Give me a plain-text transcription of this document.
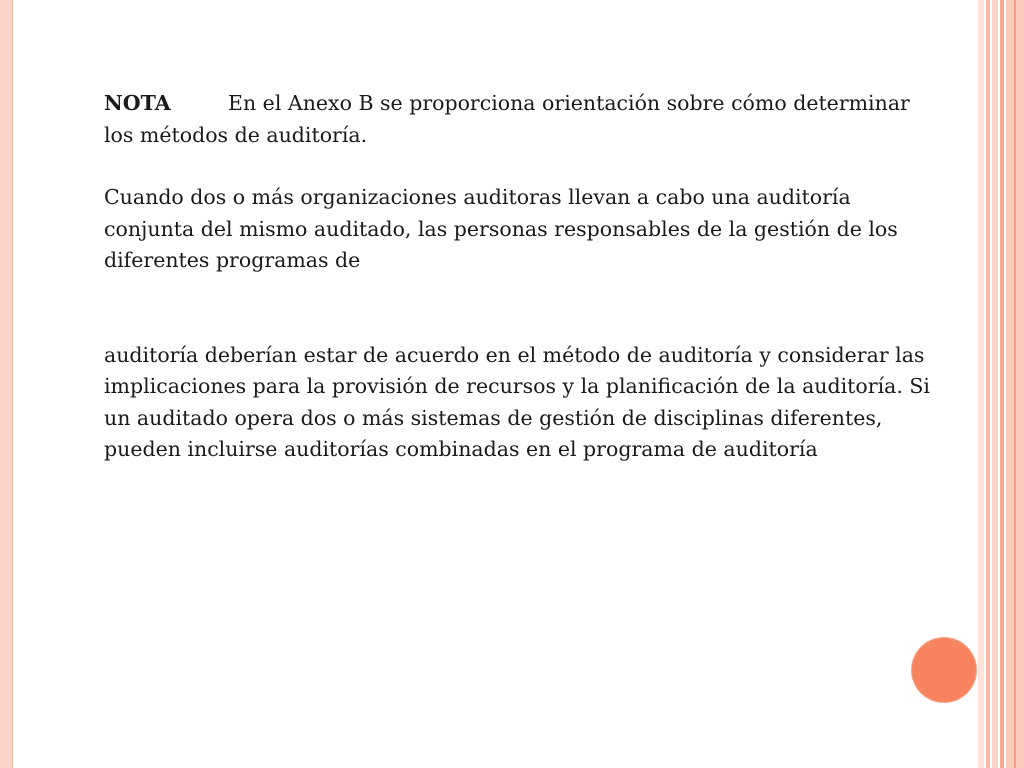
NOTA	En el Anexo B se proporciona orientación sobre cómo determinar los métodos de auditoría.

Cuando dos o más organizaciones auditoras llevan a cabo una auditoría conjunta del mismo auditado, las personas responsables de la gestión de los diferentes programas de

auditoría deberían estar de acuerdo en el método de auditoría y considerar las implicaciones para la provisión de recursos y la planificación de la auditoría. Si un auditado opera dos o más sistemas de gestión de disciplinas diferentes, pueden incluirse auditorías combinadas en el programa de auditoría
